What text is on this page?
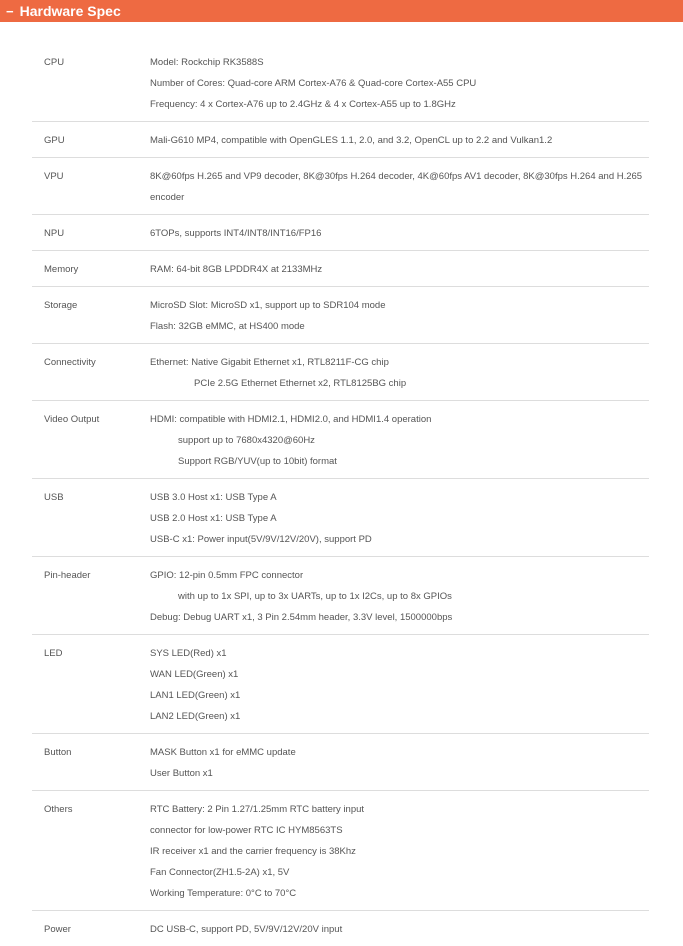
− Hardware Spec
CPU	Model: Rockchip RK3588S
Number of Cores: Quad-core ARM Cortex-A76 & Quad-core Cortex-A55 CPU
Frequency: 4 x Cortex-A76 up to 2.4GHz & 4 x Cortex-A55 up to 1.8GHz
GPU	Mali-G610 MP4, compatible with OpenGLES 1.1, 2.0, and 3.2, OpenCL up to 2.2 and Vulkan1.2
VPU	8K@60fps H.265 and VP9 decoder, 8K@30fps H.264 decoder, 4K@60fps AV1 decoder, 8K@30fps H.264 and H.265 encoder
NPU	6TOPs, supports INT4/INT8/INT16/FP16
Memory	RAM: 64-bit 8GB LPDDR4X at 2133MHz
Storage	MicroSD Slot: MicroSD x1, support up to SDR104 mode
Flash: 32GB eMMC, at HS400 mode
Connectivity	Ethernet: Native Gigabit Ethernet x1, RTL8211F-CG chip
PCIe 2.5G Ethernet Ethernet x2, RTL8125BG chip
Video Output	HDMI: compatible with HDMI2.1, HDMI2.0, and HDMI1.4 operation
support up to 7680x4320@60Hz
Support RGB/YUV(up to 10bit) format
USB	USB 3.0 Host x1: USB Type A
USB 2.0 Host x1: USB Type A
USB-C x1: Power input(5V/9V/12V/20V), support PD
Pin-header	GPIO: 12-pin 0.5mm FPC connector
with up to 1x SPI, up to 3x UARTs, up to 1x I2Cs, up to 8x GPIOs
Debug: Debug UART x1, 3 Pin 2.54mm header, 3.3V level, 1500000bps
LED	SYS LED(Red) x1
WAN LED(Green) x1
LAN1 LED(Green) x1
LAN2 LED(Green) x1
Button	MASK Button x1 for eMMC update
User Button x1
Others	RTC Battery: 2 Pin 1.27/1.25mm RTC battery input
connector for low-power RTC IC HYM8563TS
IR receiver x1 and the carrier frequency is 38Khz
Fan Connector(ZH1.5-2A) x1, 5V
Working Temperature: 0°C to 70°C
Power	DC USB-C, support PD, 5V/9V/12V/20V input
